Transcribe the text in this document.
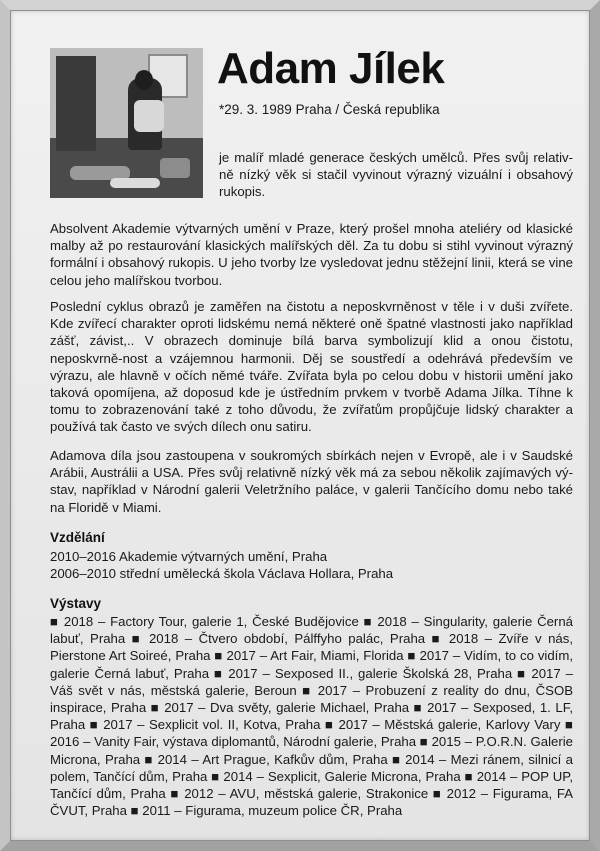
Adam Jílek
*29. 3. 1989 Praha / Česká republika
je malíř mladé generace českých umělců. Přes svůj relativ-ně nízký věk si stačil vyvinout výrazný vizuální i obsahový rukopis.
Absolvent Akademie výtvarných umění v Praze, který prošel mnoha ateliéry od klasické malby až po restaurování klasických malířských děl. Za tu dobu si stihl vyvinout výrazný formální i obsahový rukopis. U jeho tvorby lze vysledovat jednu stěžejní linii, která se vine celou jeho malířskou tvorbou.
Poslední cyklus obrazů je zaměřen na čistotu a neposkvrněnost v těle i v duši zvířete. Kde zvířecí charakter oproti lidskému nemá některé oně špatné vlastnosti jako například zášť, závist,.. V obrazech dominuje bílá barva symbolizují klid a onou čistotu, neposkvrně-nost a vzájemnou harmonii. Děj se soustředí a odehrává především ve výrazu, ale hlavně v očích němé tváře. Zvířata byla po celou dobu v historii umění jako taková opomíjena, až doposud kde je ústředním prvkem v tvorbě Adama Jílka. Tíhne k tomu to zobrazenování také z toho důvodu, že zvířatům propůjčuje lidský charakter a používá tak často ve svých dílech onu satiru.
Adamova díla jsou zastoupena v soukromých sbírkách nejen v Evropě, ale i v Saudské Arábii, Austrálii a USA. Přes svůj relativně nízký věk má za sebou několik zajímavých vý-stav, například v Národní galerii Veletržního paláce, v galerii Tančícího domu nebo také na Floridě v Miami.
Vzdělání
2010–2016 Akademie výtvarných umění, Praha
2006–2010 střední umělecká škola Václava Hollara, Praha
Výstavy
■ 2018 – Factory Tour, galerie 1, České Budějovice ■ 2018 – Singularity, galerie Černá labuť, Praha ■ 2018 – Čtvero období, Pálffyho palác, Praha ■ 2018 – Zvíře v nás, Pierstone Art Soireé, Praha ■ 2017 – Art Fair, Miami, Florida ■ 2017 – Vidím, to co vidím, galerie Černá labuť, Praha ■ 2017 – Sexposed II., galerie Školská 28, Praha ■ 2017 – Váš svět v nás, městská galerie, Beroun ■ 2017 – Probuzení z reality do dnu, ČSOB inspirace, Praha ■ 2017 – Dva světy, galerie Michael, Praha ■ 2017 – Sexposed, 1. LF, Praha ■ 2017 – Sexplicit vol. II, Kotva, Praha ■ 2017 – Městská galerie, Karlovy Vary ■ 2016 – Vanity Fair, výstava diplomantů, Národní galerie, Praha ■ 2015 – P.O.R.N. Galerie Microna, Praha ■ 2014 – Art Prague, Kafkův dům, Praha ■ 2014 – Mezi ránem, silnicí a polem, Tančící dům, Praha ■ 2014 – Sexplicit, Galerie Microna, Praha ■ 2014 – POP UP, Tančící dům, Praha ■ 2012 – AVU, městská galerie, Strakonice ■ 2012 – Figurama, FA ČVUT, Praha ■ 2011 – Figurama, muzeum police ČR, Praha
